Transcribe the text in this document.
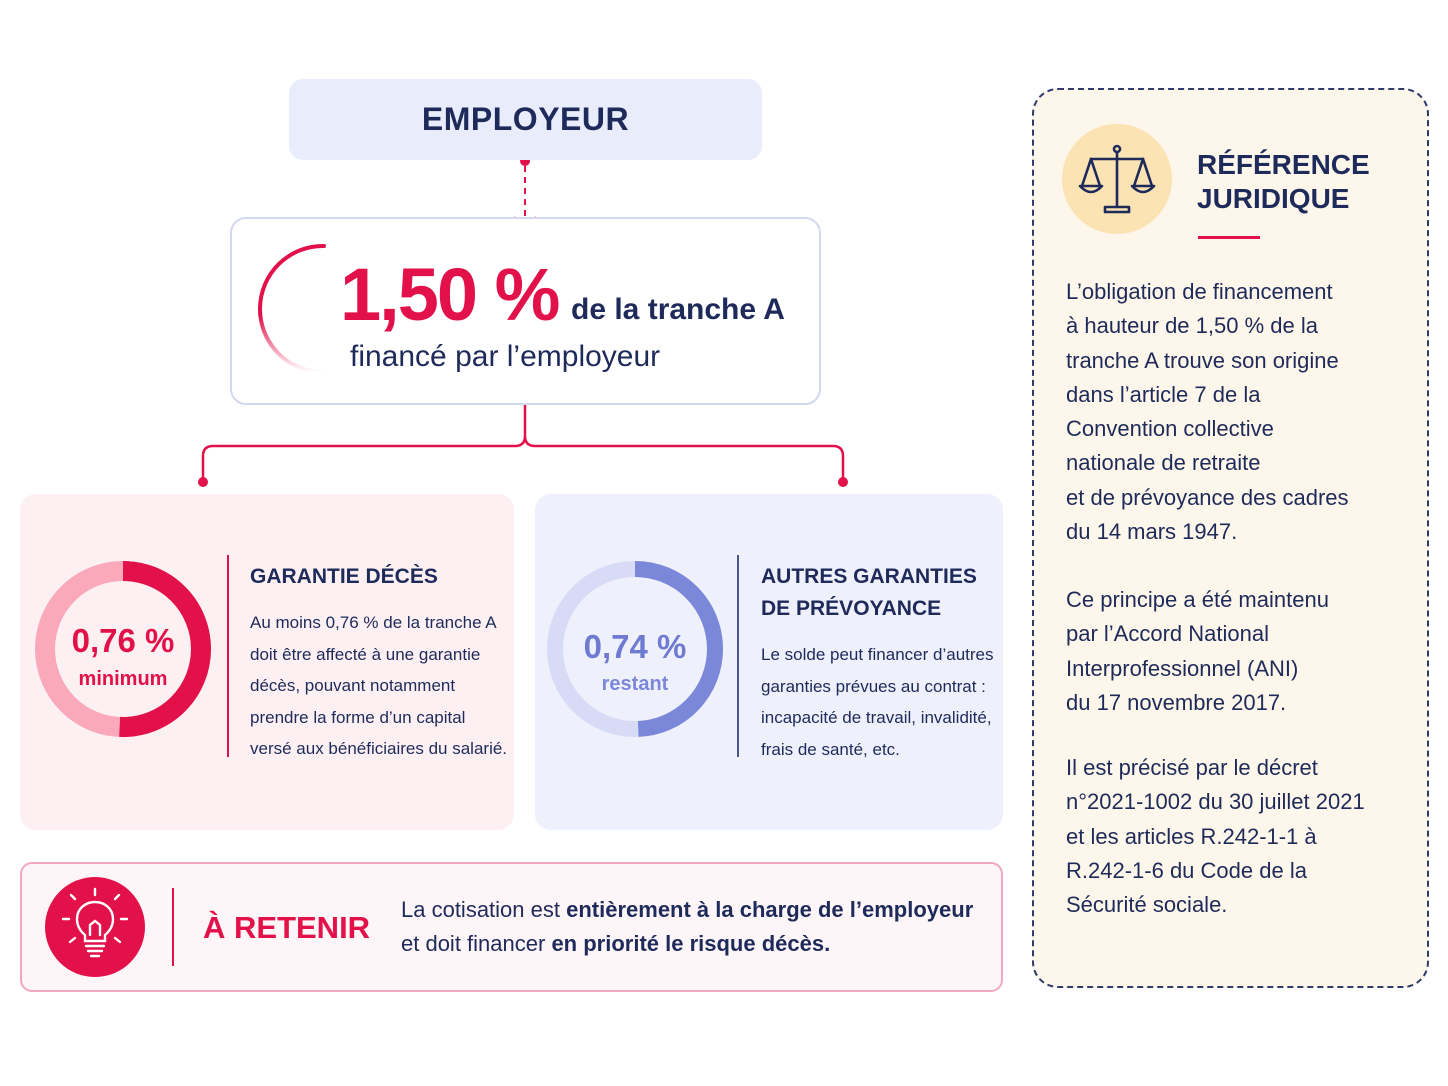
EMPLOYEUR
1,50 % de la tranche A
financé par l’employeur
0,76 %
minimum
GARANTIE DÉCÈS
Au moins 0,76 % de la tranche A
doit être affecté à une garantie
décès, pouvant notamment
prendre la forme d’un capital
versé aux bénéficiaires du salarié.
0,74 %
restant
AUTRES GARANTIES
DE PRÉVOYANCE
Le solde peut financer d’autres
garanties prévues au contrat :
incapacité de travail, invalidité,
frais de santé, etc.
À RETENIR
La cotisation est entièrement à la charge de l’employeur
et doit financer en priorité le risque décès.
RÉFÉRENCE
JURIDIQUE
L’obligation de financement
à hauteur de 1,50 % de la
tranche A trouve son origine
dans l’article 7 de la
Convention collective
nationale de retraite
et de prévoyance des cadres
du 14 mars 1947.
Ce principe a été maintenu
par l’Accord National
Interprofessionnel (ANI)
du 17 novembre 2017.
Il est précisé par le décret
n°2021-1002 du 30 juillet 2021
et les articles R.242-1-1 à
R.242-1-6 du Code de la
Sécurité sociale.
